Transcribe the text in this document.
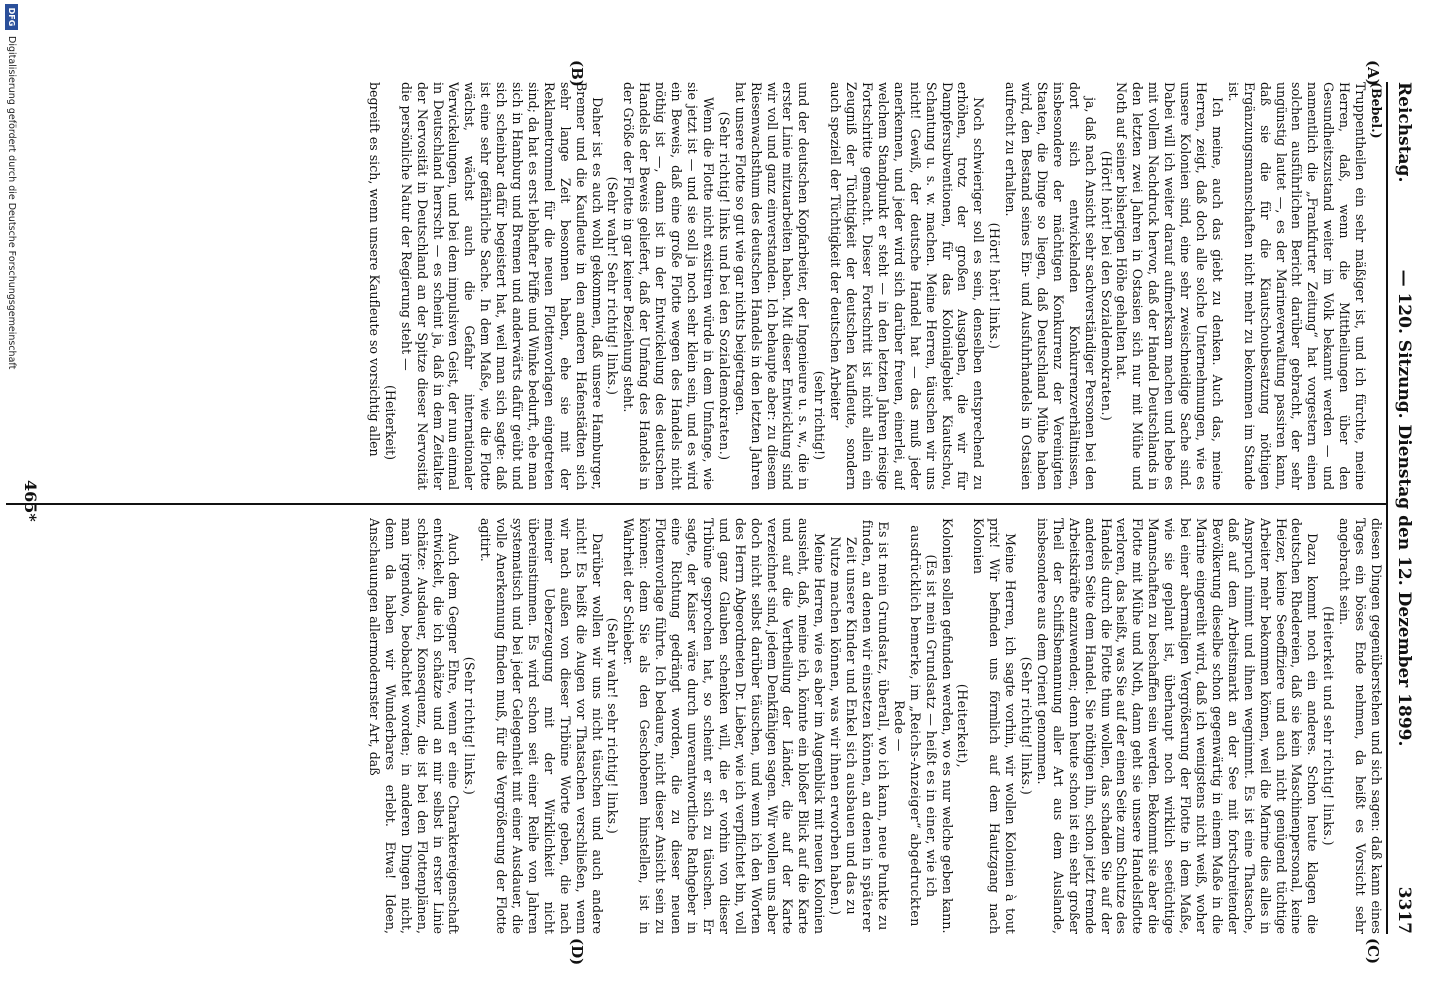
Reichstag.
— 120. Sitzung. Dienstag den 12. Dezember 1899.
3317
(A)
(B)
(C)
(D)

(Bebel.)

Truppentheilen ein sehr mäßiger ist, und ich fürchte, meine Herren, daß, wenn die Mittheilungen über den Gesundheitszustand weiter im Volk bekannt werden — und namentlich die „Frankfurter Zeitung“ hat vorgestern einen solchen ausführlichen Bericht darüber gebracht, der sehr ungünstig lautet —, es der Marineverwaltung passiren kann, daß sie die für die Kiautschoubesatzung nöthigen Ergänzungsmannschaften nicht mehr zu bekommen im Stande ist.

Ich meine, auch das giebt zu denken. Auch das, meine Herren, zeigt, daß doch alle solche Unternehmungen, wie es unsere Kolonien sind, eine sehr zweischneidige Sache sind. Dabei will ich weiter darauf aufmerksam machen und hebe es mit vollem Nachdruck hervor, daß der Handel Deutschlands in den letzten zwei Jahren in Ostasien sich nur mit Mühe und Noth auf seiner bisherigen Höhe gehalten hat.

(Hört! hört! bei den Sozialdemokraten.)

ja, daß nach Ansicht sehr sachverständiger Personen bei den dort sich entwickelnden Konkurrenzverhältnissen, insbesondere der mächtigen Konkurrenz der Vereinigten Staaten, die Dinge so liegen, daß Deutschland Mühe haben wird, den Bestand seines Ein- und Ausfuhrhandels in Ostasien aufrecht zu erhalten.

(Hört! hört! links.)

Noch schwieriger soll es sein, denselben entsprechend zu erhöhen, trotz der großen Ausgaben, die wir für Dampfersubventionen, für das Kolonialgebiet Kiautschou, Schantung u. s. w. machen. Meine Herren, täuschen wir uns nicht! Gewiß, der deutsche Handel hat — das muß jeder anerkennen, und jeder wird sich darüber freuen, einerlei, auf welchem Standpunkt er steht — in den letzten Jahren riesige Fortschritte gemacht. Dieser Fortschritt ist nicht allein ein Zeugniß der Tüchtigkeit der deutschen Kaufleute, sondern auch speziell der Tüchtigkeit der deutschen Arbeiter

(sehr richtig!)

und der deutschen Kopfarbeiter, der Ingenieure u. s. w., die in erster Linie mitzuarbeiten haben. Mit dieser Entwicklung sind wir voll und ganz einverstanden. Ich behaupte aber: zu diesem Riesenwachsthum des deutschen Handels in den letzten Jahren hat unsere Flotte so gut wie gar nichts beigetragen.

(Sehr richtig! links und bei den Sozialdemokraten.)

Wenn die Flotte nicht existiren würde in dem Umfange, wie sie jetzt ist — und sie soll ja noch sehr klein sein, und es wird ein Beweis, daß eine große Flotte wegen des Handels nicht nöthig ist —, dann ist in der Entwickelung des deutschen Handels der Beweis geliefert, daß der Umfang des Handels in der Größe der Flotte in gar keiner Beziehung steht.

(Sehr wahr! Sehr richtig! links.)

Daher ist es auch wohl gekommen, daß unsere Hamburger, Bremer und die Kaufleute in den anderen Hafenstädten sich sehr lange Zeit besonnen haben, ehe sie mit der Reklametrommel für die neuen Flottenvorlagen eingetreten sind; da hat es erst lebhafter Püffe und Winke bedurft, ehe man sich in Hamburg und Bremen und anderwärts dafür geübt und sich scheinbar dafür begeistert hat, weil man sich sagte: daß ist eine sehr gefährliche Sache. In dem Maße, wie die Flotte wächst, wächst auch die Gefahr internationaler Verwickelungen, und bei dem impulsiven Geist, der nun einmal in Deutschland herrscht — es scheint ja, daß in dem Zeitalter der Nervosität in Deutschland an der Spitze dieser Nervosität die persönliche Natur der Regierung steht —

(Heiterkeit)

begreift es sich, wenn unsere Kaufleute so vorsichtig allen

diesen Dingen gegenüberstehen und sich sagen: daß kann eines Tages ein böses Ende nehmen, da heißt es Vorsicht sehr angebracht sein.

(Heiterkeit und sehr richtig! links.)

Dazu kommt noch ein anderes. Schon heute klagen die deutschen Rhedereien, daß sie kein Maschinenpersonal, keine Heizer, keine Seeoffiziere und auch nicht genügend tüchtige Arbeiter mehr bekommen können, weil die Marine dies alles in Anspruch nimmt und ihnen wegnimmt. Es ist eine Thatsache, daß auf dem Arbeitsmarkt an der See mit fortschreitender Bevölkerung dieselbe schon gegenwärtig in einem Maße in die Marine eingereiht wird, daß ich wenigstens nicht weiß, woher bei einer abermaligen Vergrößerung der Flotte in dem Maße, wie sie geplant ist, überhaupt noch wirklich seetüchtige Mannschaften zu beschaffen sein werden. Bekommt sie aber die Flotte mit Mühe und Noth, dann geht sie unsere Handelsflotte verloren, das heißt, was Sie auf der einen Seite zum Schutze des Handels durch die Flotte thun wollen, das schaden Sie auf der anderen Seite dem Handel. Sie nöthigen ihn, schon jetzt fremde Arbeitskräfte anzuwenden; denn heute schon ist ein sehr großer Theil der Schiffsbemannung aller Art aus dem Auslande, insbesondere aus dem Orient genommen.

(Sehr richtig! links.)

Meine Herren, ich sagte vorhin, wir wollen Kolonien à tout prix! Wir befinden uns förmlich auf dem Hautzgang nach Kolonien

(Heiterkeit),

Kolonien sollen gefunden werden, wo es nur welche geben kann.

(Es ist mein Grundsatz — heißt es in einer, wie ich ausdrücklich bemerke, im „Reichs-Anzeiger“ abgedruckten Rede —

Es ist mein Grundsatz, überall, wo ich kann, neue Punkte zu finden, an denen wir einsetzen können, an denen in späterer Zeit unsere Kinder und Enkel sich ausbauen und das zu Nutze machen können, was wir ihnen erworben haben.)

Meine Herren, wie es aber im Augenblick mit neuen Kolonien aussieht, daß, meine ich, könnte ein bloßer Blick auf die Karte und auf die Vertheilung der Länder, die auf der Karte verzeichnet sind, jedem Denkfähigen sagen. Wir wollen uns aber doch nicht selbst darüber täuschen, und wenn ich den Worten des Herrn Abgeordneten Dr. Lieber, wie ich verpflichtet bin, voll und ganz Glauben schenken will, die er vorhin von dieser Tribüne gesprochen hat, so scheint er sich zu täuschen. Er sagte, der Kaiser wäre durch unverantwortliche Rathgeber in eine Richtung gedrängt worden, die zu dieser neuen Flottenvorlage führte. Ich bedaure, nicht dieser Ansicht sein zu können: denn Sie als den Geschobenen hinstellen, ist in Wahrheit der Schieber.

(Sehr wahr! sehr richtig! links.)

Darüber wollen wir uns nicht täuschen und auch andere nicht! Es heißt die Augen vor Thatsachen verschließen, wenn wir nach außen von dieser Tribüne Worte geben, die nach meiner Ueberzeugung mit der Wirklichkeit nicht übereinstimmen. Es wird schon seit einer Reihe von Jahren systematisch und bei jeder Gelegenheit mit einer Ausdauer, die volle Anerkennung finden muß, für die Vergrößerung der Flotte agitirt.

(Sehr richtig! links.)

Auch dem Gegner Ehre, wenn er eine Charaktereigenschaft entwickelt, die ich schätze und an mir selbst in erster Linie schätze: Ausdauer, Konsequenz, die ist bei den Flottenplänen, man irgendwo, beobachtet worden; in anderen Dingen nicht, denn da haben wir Wunderbares erlebt. Etwa! Ideen, Anschauungen allermodernster Art, daß

465*
DFG
Digitalisierung gefördert durch die Deutsche Forschungsgemeinschaft
